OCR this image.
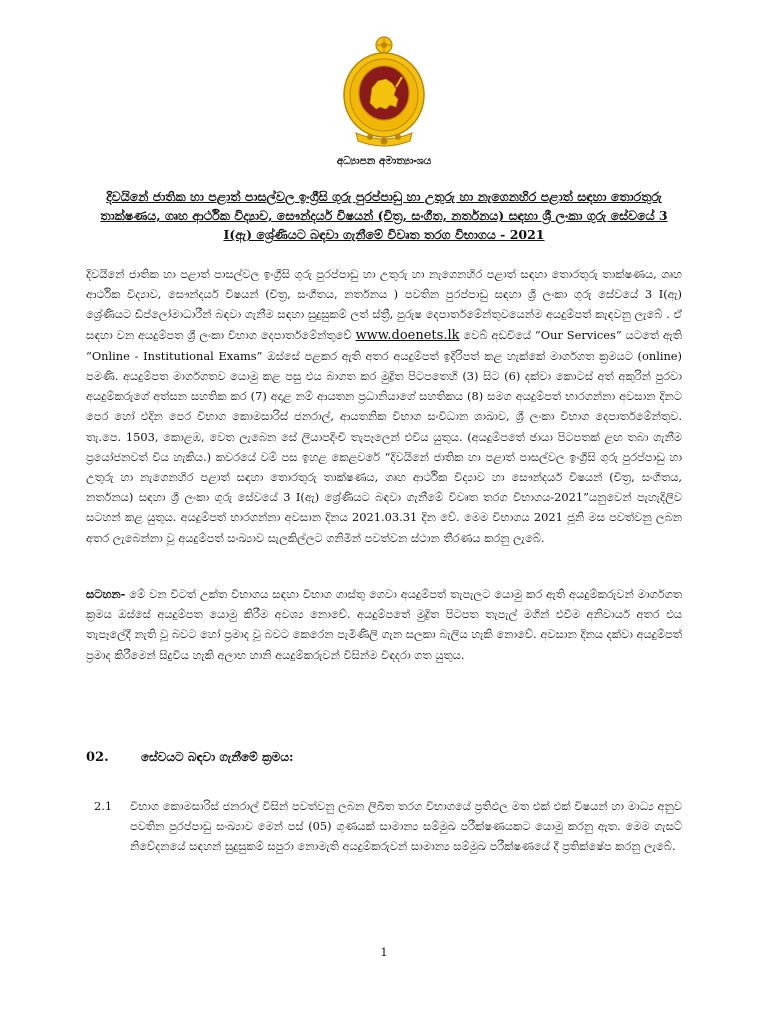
අධ්‍යාපන අමාත්‍යාංශය
දිවයිනේ ජාතික හා පළාත් පාසල්වල ඉංග්‍රීසි ගුරු පුරප්පාඩු හා උතුරු හා නැගෙනහිර පළාත් සඳහා තොරතුරු තාක්ෂණය, ගෘහ ආර්ථික විද්‍යාව, සෞන්දර්ය විෂයන් (චිත්‍ර, සංගීත, නර්තනය) සඳහා ශ්‍රී ලංකා ගුරු සේවයේ 3 I(ඇ) ශ්‍රේණියට බඳවා ගැනීමේ විවෘත තරග විභාගය - 2021

දිවයිනේ ජාතික හා පළාත් පාසල්වල ඉංග්‍රීසි ගුරු පුරප්පාඩු හා උතුරු හා නැගෙනහිර පළාත් සඳහා තොරතුරු තාක්ෂණය, ගෘහ ආර්ථික විද්‍යාව, සෞන්දර්ය විෂයන් (චිත්‍ර, සංගීතය, නර්තනය ) පවතින පුරප්පාඩු සඳහා ශ්‍රී ලංකා ගුරු සේවයේ 3 I(ඇ) ශ්‍රේණියට ඩිප්ලෝමාධාරීන් බඳවා ගැනීම සඳහා සුදුසුකම් ලත් ස්ත්‍රී, පුරුෂ දෙපාර්තමේන්තුවයෙන්ම අයදුම්පත් කැඳවනු ලැබේ . ඒ සඳහා වන අයදුම්පත ශ්‍රී ලංකා විභාග දෙපාර්තමේන්තුවේ www.doenets.lk වෙබ් අඩවියේ “Our Services” යටතේ ඇති “Online - Institutional Exams” ඔස්සේ පළකර ඇති අතර අයදුම්පත් ඉදිරිපත් කළ හැක්කේ මාර්ගගත ක්‍රමයට (online) පමණි. අයදුම්පත මාර්ගගතව යොමු කළ පසු එය බාගත කර මුද්‍රිත පිටපතෙහි (3) සිට (6) දක්වා කොටස් අත් අකුරින් පුරවා අයදුම්කරුගේ අත්සන සහතික කර (7) අදාළ නම් ආයතන ප්‍රධානියාගේ සහතිකය (8) සමග අයදුම්පත් භාරගන්නා අවසාන දිනට පෙර හෝ එදින පෙර විභාග කොමසාරිස් ජනරාල්, ආයතනික විභාග සංවිධාන ශාඛාව, ශ්‍රී ලංකා විභාග දෙපාර්තමේන්තුව. තැ.පෙ. 1503, කොළඹ, වෙත ලැබෙන සේ ලියාපදිංචි තැපෑලෙන් එවිය යුතුය. (අයදුම්පතේ ඡායා පිටපතක් ළඟ තබා ගැනීම ප්‍රයෝජනවත් විය හැකිය.) කවරයේ වම් පස ඉහළ කෙළවරේ “දිවයිනේ ජාතික හා පළාත් පාසල්වල ඉංග්‍රීසි ගුරු පුරප්පාඩු හා උතුරු හා නැගෙනහිර පළාත් සඳහා තොරතුරු තාක්ෂණය, ගෘහ ආර්ථික විද්‍යාව හා සෞන්දර්ය විෂයන් (චිත්‍ර, සංගීතය, නර්තනය) සඳහා ශ්‍රී ලංකා ගුරු සේවයේ 3 I(ඇ) ශ්‍රේණියට බඳවා ගැනීමේ විවෘත තරග විභාගය-2021”යනුවෙන් පැහැදිලිව සටහන් කළ යුතුය. අයදුම්පත් භාරගන්නා අවසාන දිනය 2021.03.31 දින වේ. මෙම විභාගය 2021 ජූනි මස පවත්වනු ලබන අතර ලැබෙන්නා වූ අයදුම්පත් සංඛ්‍යාව සැලකිල්ලට ගනිමින් පවත්වන ස්ථාන තීරණය කරනු ලැබේ.

සටහන- මේ වන විටත් උක්ත විභාගය සඳහා විභාග ගාස්තු ගෙවා අයදුම්පත් තැපැලට යොමු කර ඇති අයදුම්කරුවන් මාර්ගගත ක්‍රමය ඔස්සේ අයදුම්පත යොමු කිරීම අවශ්‍ය නොවේ. අයදුම්පතේ මුද්‍රිත පිටපත තැපැල් මගින් එවීම අනිවාර්ය අතර එය තැපෑලේදී නැති වූ බවට හෝ ප්‍රමාද වූ බවට කෙරෙන පැමිණිලි ගැන සලකා බැලිය හැකි නොවේ. අවසාන දිනය දක්වා අයදුම්පත් ප්‍රමාද කිරීමෙන් සිදුවිය හැකි අලාභ හානි අයදුම්කරුවන් විසින්ම විඳදරා ගත යුතුය.

02.	සේවයට බඳවා ගැනීමේ ක්‍රමය:
2.1 විභාග කොමසාරිස් ජනරාල් විසින් පවත්වනු ලබන ලිඛිත තරග විභාගයේ ප්‍රතිඵල මත එක් එක් විෂයන් හා මාධ්‍ය අනුව පවතින පුරප්පාඩු සංඛ්‍යාව මෙන් පස් (05) ගුණයක් සාමාන්‍ය සම්මුඛ පරීක්ෂණයකට යොමු කරනු ඇත. මෙම ගැසට් නිවේදනයේ සඳහන් සුදුසුකම් සපුරා නොමැති අයදුම්කරුවන් සාමාන්‍ය සම්මුඛ පරීක්ෂණයේ දී ප්‍රතික්ෂේප කරනු ලැබේ.

1
